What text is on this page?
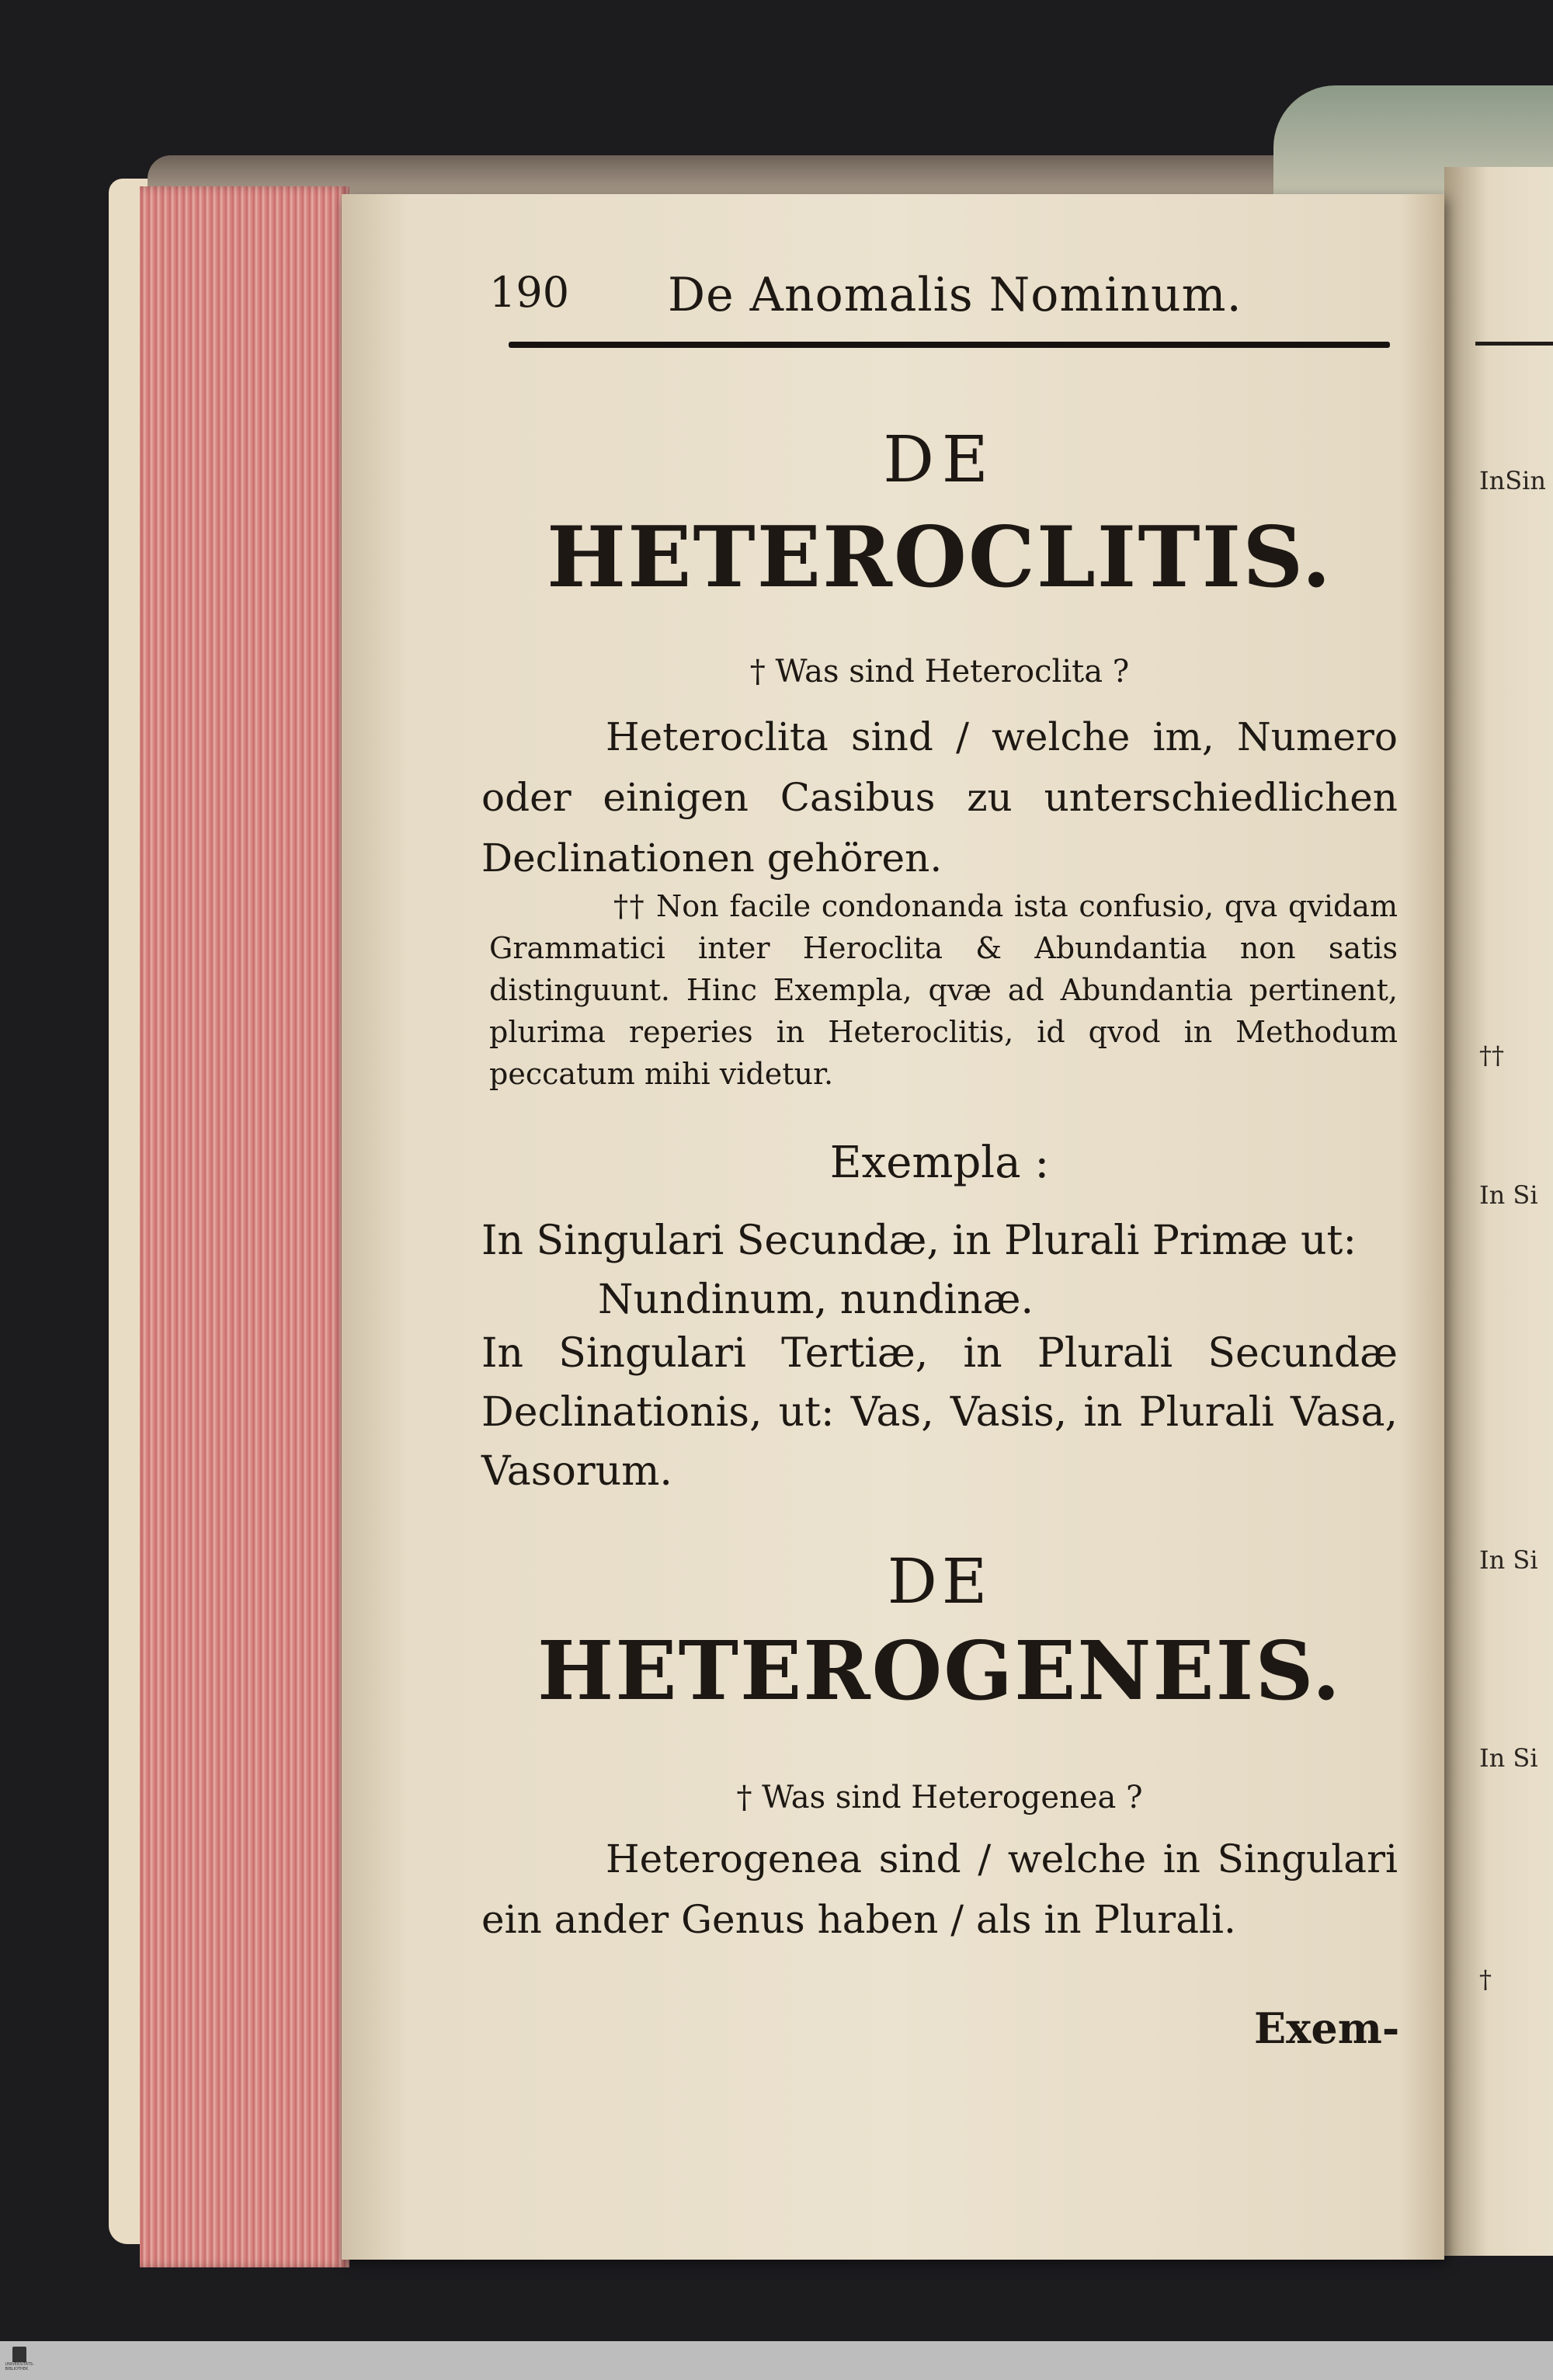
InSin
††
In Si
In Si
In Si
†
190 De Anomalis Nominum.
DE
HETEROCLITIS.
† Was sind Heteroclita ?

Heteroclita sind / welche im, Numero oder einigen Casibus zu unterschiedlichen Declinationen gehören.

†† Non facile condonanda ista confusio, qva qvidam Grammatici inter Heroclita & Abundantia non satis distinguunt. Hinc Exempla, qvæ ad Abundantia pertinent, plurima reperies in Heteroclitis, id qvod in Methodum peccatum mihi videtur.

Exempla :
In Singulari Secundæ, in Plurali Primæ ut:
Nundinum, nundinæ.
In Singulari Tertiæ, in Plurali Secundæ Declinationis, ut: Vas, Vasis, in Plurali Vasa, Vasorum.
DE
HETEROGENEIS.
† Was sind Heterogenea ?

Heterogenea sind / welche in Singulari ein ander Genus haben / als in Plurali.

Exem-
UNIVERSITÄTS-BIBLIOTHEK
